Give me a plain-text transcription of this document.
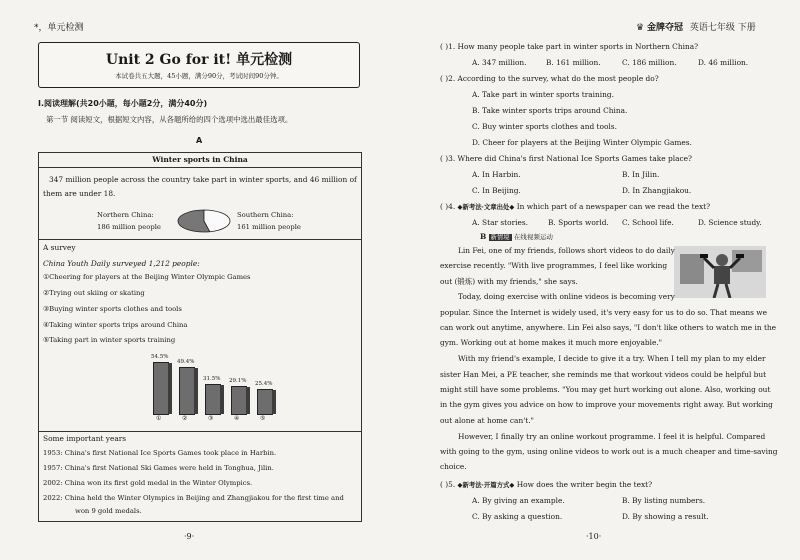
*，单元检测
Unit 2 Go for it! 单元检测
本试卷共五大题，45小题，满分90分，考试时间90分钟。
Ⅰ.阅读理解(共20小题，每小题2分，满分40分)
第一节 阅读短文，根据短文内容，从各题所给的四个选项中选出最佳选项。
A
Winter sports in China
347 million people across the country take part in winter sports, and 46 million of
them are under 18.
Northern China:
186 million people
Southern China:
161 million people
A survey
China Youth Daily surveyed 1,212 people:
①Cheering for players at the Beijing Winter Olympic Games
②Trying out skiing or skating
③Buying winter sports clothes and tools
④Taking winter sports trips around China
⑤Taking part in winter sports training
54.5%
①
49.4%
②
31.5%
③
29.1%
④
25.4%
⑤
Some important years
1953: China's first National Ice Sports Games took place in Harbin.
1957: China's first National Ski Games were held in Tonghua, Jilin.
2002: China won its first gold medal in the Winter Olympics.
2022: China held the Winter Olympics in Beijing and Zhangjiakou for the first time and
won 9 gold medals.
·9·
♛ 金牌夺冠 英语七年级 下册
( )1. How many people take part in winter sports in Northern China?
A. 347 million.	B. 161 million.	C. 186 million.	D. 46 million.
( )2. According to the survey, what do the most people do?
A. Take part in winter sports training.
B. Take winter sports trips around China.
C. Buy winter sports clothes and tools.
D. Cheer for players at the Beijing Winter Olympic Games.
( )3. Where did China's first National Ice Sports Games take place?
A. In Harbin.	B. In Jilin.
C. In Beijing.	D. In Zhangjiakou.
( )4. ◆新考法·文章出处◆ In which part of a newspaper can we read the text?
A. Star stories.	B. Sports world. C. School life.	D. Science study.
B 新情境 在线视频运动
Lin Fei, one of my friends, follows short videos to do daily
exercise recently. "With live programmes, I feel like working
out (锻炼) with my friends," she says.
Today, doing exercise with online videos is becoming very
popular. Since the Internet is widely used, it's very easy for us to do so. That means we
can work out anytime, anywhere. Lin Fei also says, "I don't like others to watch me in the
gym. Working out at home makes it much more enjoyable."
With my friend's example, I decide to give it a try. When I tell my plan to my elder
sister Han Mei, a PE teacher, she reminds me that workout videos could be helpful but
might still have some problems. "You may get hurt working out alone. Also, working out
in the gym gives you advice on how to improve your movements right away. But working
out alone at home can't."
However, I finally try an online workout programme. I feel it is helpful. Compared
with going to the gym, using online videos to work out is a much cheaper and time-saving
choice.
( )5. ◆新考法·开篇方式◆ How does the writer begin the text?
A. By giving an example.	B. By listing numbers.
C. By asking a question.	D. By showing a result.
·10·
